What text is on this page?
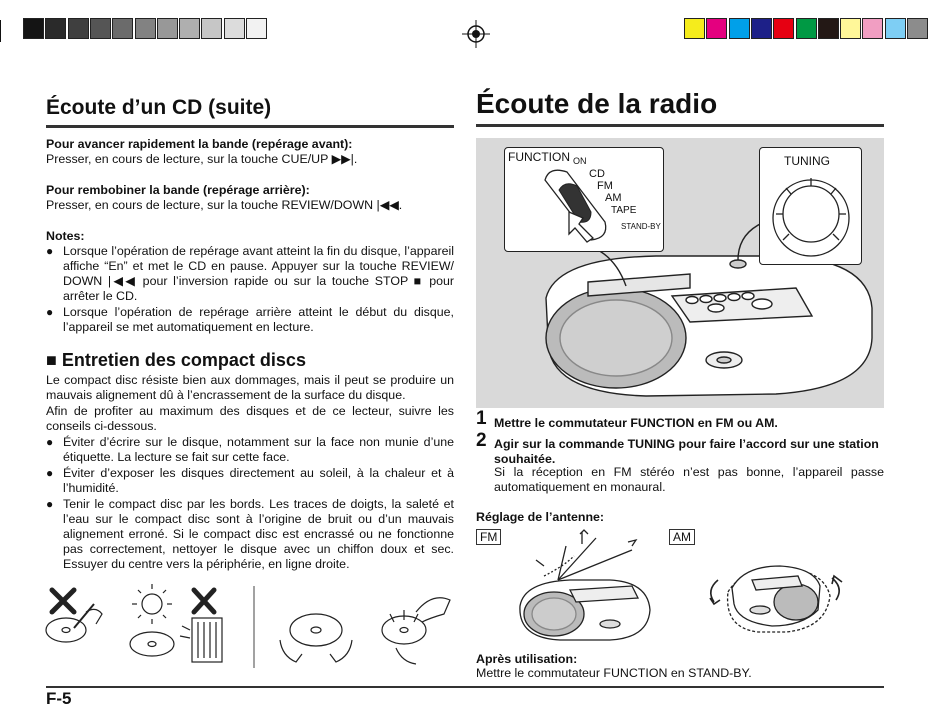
Écoute d’un CD (suite)
Pour avancer rapidement la bande (repérage avant):
Presser, en cours de lecture, sur la touche CUE/UP ▶▶|.
Pour rembobiner la bande (repérage arrière):
Presser, en cours de lecture, sur la touche REVIEW/DOWN |◀◀.
Notes:
● Lorsque l’opération de repérage avant atteint la fin du disque, l’appareil affiche “En” et met le CD en pause. Appuyer sur la touche REVIEW/ DOWN |◀◀ pour l’inversion rapide ou sur la touche STOP ■ pour arrêter le CD.
● Lorsque l’opération de repérage arrière atteint le début du disque, l’appareil se met automatiquement en lecture.
■ Entretien des compact discs
Le compact disc résiste bien aux dommages, mais il peut se produire un mauvais alignement dû à l’encrassement de la surface du disque.
Afin de profiter au maximum des disques et de ce lecteur, suivre les conseils ci-dessous.
● Éviter d’écrire sur le disque, notamment sur la face non munie d’une étiquette. La lecture se fait sur cette face.
● Éviter d’exposer les disques directement au soleil, à la chaleur et à l’humidité.
● Tenir le compact disc par les bords. Les traces de doigts, la saleté et l’eau sur le compact disc sont à l’origine de bruit ou d’un mauvais alignement erroné. Si le compact disc est encrassé ou ne fonctionne pas correctement, nettoyer le disque avec un chiffon doux et sec. Essuyer du centre vers la périphérie, en ligne droite.
F-5
Écoute de la radio
FUNCTION ON
CD
FM
AM
TAPE
STAND-BY
TUNING
1 Mettre le commutateur FUNCTION en FM ou AM.
2 Agir sur la commande TUNING pour faire l’accord sur une station souhaitée.
Si la réception en FM stéréo n’est pas bonne, l’appareil passe automatiquement en monaural.
Réglage de l’antenne:
FM	AM
Après utilisation:
Mettre le commutateur FUNCTION en STAND-BY.
